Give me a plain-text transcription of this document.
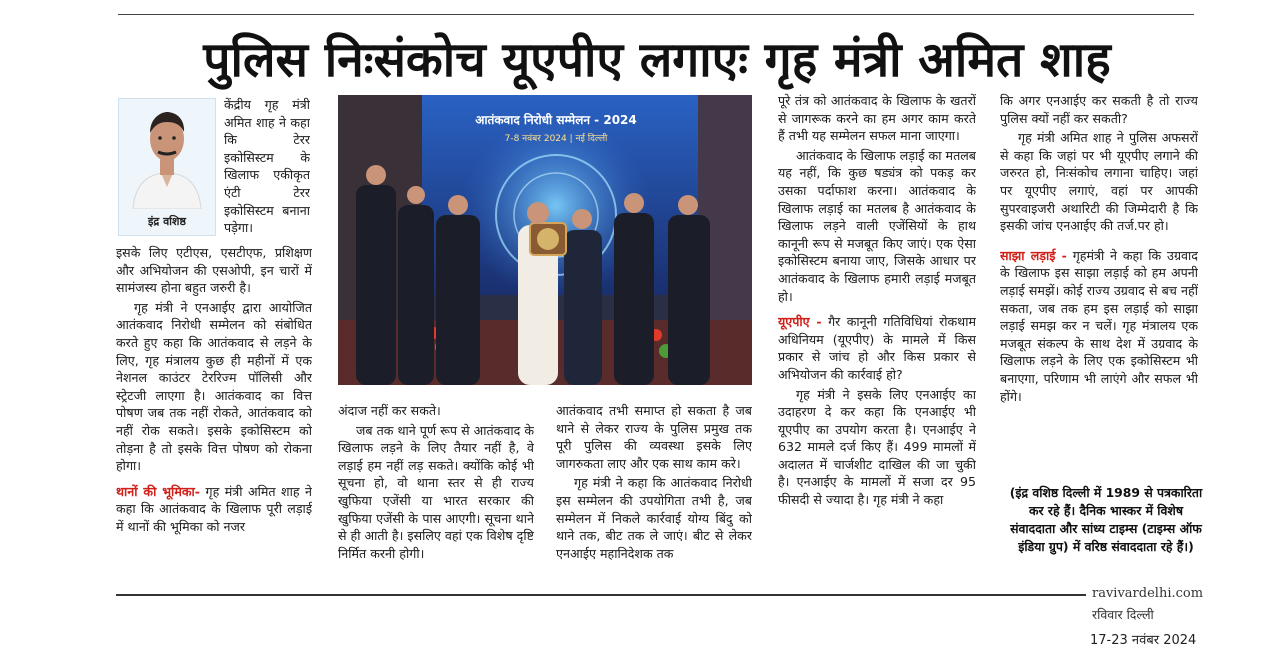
पुलिस निःसंकोच यूएपीए लगाएः गृह मंत्री अमित शाह
इंद्र वशिष्ठ
आतंकवाद निरोधी सम्मेलन - 2024
7-8 नवंबर 2024 | नई दिल्ली

केंद्रीय गृह मंत्री अमित शाह ने कहा कि टेरर इकोसिस्टम के खिलाफ एकीकृत एंटी टेरर इकोसिस्टम बनाना पड़ेगा।

इसके लिए एटीएस, एसटीएफ, प्रशिक्षण और अभियोजन की एसओपी, इन चारों में सामंजस्य होना बहुत जरुरी है।

गृह मंत्री ने एनआईए द्वारा आयोजित आतंकवाद निरोधी सम्मेलन को संबोधित करते हुए कहा कि आतंकवाद से लड़ने के लिए, गृह मंत्रालय कुछ ही महीनों में एक नेशनल काउंटर टेररिज्म पॉलिसी और स्ट्रेटजी लाएगा है। आतंकवाद का वित्त पोषण जब तक नहीं रोकते, आतंकवाद को नहीं रोक सकते। इसके इकोसिस्टम को तोड़ना है तो इसके वित्त पोषण को रोकना होगा।

थानों की भूमिका- गृह मंत्री अमित शाह ने कहा कि आतंकवाद के खिलाफ पूरी लड़ाई में थानों की भूमिका को नजर

अंदाज नहीं कर सकते।

जब तक थाने पूर्ण रूप से आतंकवाद के खिलाफ लड़ने के लिए तैयार नहीं है, वे लड़ाई हम नहीं लड़ सकते। क्योंकि कोई भी सूचना हो, वो थाना स्तर से ही राज्य खुफिया एजेंसी या भारत सरकार की खुफिया एजेंसी के पास आएगी। सूचना थाने से ही आती है। इसलिए वहां एक विशेष दृष्टि निर्मित करनी होगी।

आतंकवाद तभी समाप्त हो सकता है जब थाने से लेकर राज्य के पुलिस प्रमुख तक पूरी पुलिस की व्यवस्था इसके लिए जागरुकता लाए और एक साथ काम करे।

गृह मंत्री ने कहा कि आतंकवाद निरोधी इस सम्मेलन की उपयोगिता तभी है, जब सम्मेलन में निकले कार्रवाई योग्य बिंदु को थाने तक, बीट तक ले जाएं। बीट से लेकर एनआईए महानिदेशक तक

पूरे तंत्र को आतंकवाद के खिलाफ के खतरों से जागरूक करने का हम अगर काम करते हैं तभी यह सम्मेलन सफल माना जाएगा।

आतंकवाद के खिलाफ लड़ाई का मतलब यह नहीं, कि कुछ षड्यंत्र को पकड़ कर उसका पर्दाफाश करना। आतंकवाद के खिलाफ लड़ाई का मतलब है आतंकवाद के खिलाफ लड़ने वाली एजेंसियों के हाथ कानूनी रूप से मजबूत किए जाएं। एक ऐसा इकोसिस्टम बनाया जाए, जिसके आधार पर आतंकवाद के खिलाफ हमारी लड़ाई मजबूत हो।

यूएपीए - गैर कानूनी गतिविधियां रोकथाम अधिनियम (यूएपीए) के मामले में किस प्रकार से जांच हो और किस प्रकार से अभियोजन की कार्रवाई हो?

गृह मंत्री ने इसके लिए एनआईए का उदाहरण दे कर कहा कि एनआईए भी यूएपीए का उपयोग करता है। एनआईए ने 632 मामले दर्ज किए हैं। 499 मामलों में अदालत में चार्जशीट दाखिल की जा चुकी है। एनआईए के मामलों में सजा दर 95 फीसदी से ज्यादा है। गृह मंत्री ने कहा

कि अगर एनआईए कर सकती है तो राज्य पुलिस क्यों नहीं कर सकती?

गृह मंत्री अमित शाह ने पुलिस अफसरों से कहा कि जहां पर भी यूएपीए लगाने की जरुरत हो, निःसंकोच लगाना चाहिए। जहां पर यूएपीए लगाएं, वहां पर आपकी सुपरवाइजरी अथारिटी की जिम्मेदारी है कि इसकी जांच एनआईए की तर्ज.पर हो।

साझा लड़ाई - गृहमंत्री ने कहा कि उग्रवाद के खिलाफ इस साझा लड़ाई को हम अपनी लड़ाई समझें। कोई राज्य उग्रवाद से बच नहीं सकता, जब तक हम इस लड़ाई को साझा लड़ाई समझ कर न चलें। गृह मंत्रालय एक मजबूत संकल्प के साथ देश में उग्रवाद के खिलाफ लड़ने के लिए एक इकोसिस्टम भी बनाएगा, परिणाम भी लाएंगे और सफल भी होंगे।

(इंद्र वशिष्ठ दिल्ली में 1989 से पत्रकारिता कर रहे हैं। दैनिक भास्कर में विशेष संवाददाता और सांध्य टाइम्स (टाइम्स ऑफ इंडिया ग्रुप) में वरिष्ठ संवाददाता रहे हैं।)
ravivardelhi.com
रविवार दिल्ली
17-23 नवंबर 2024
